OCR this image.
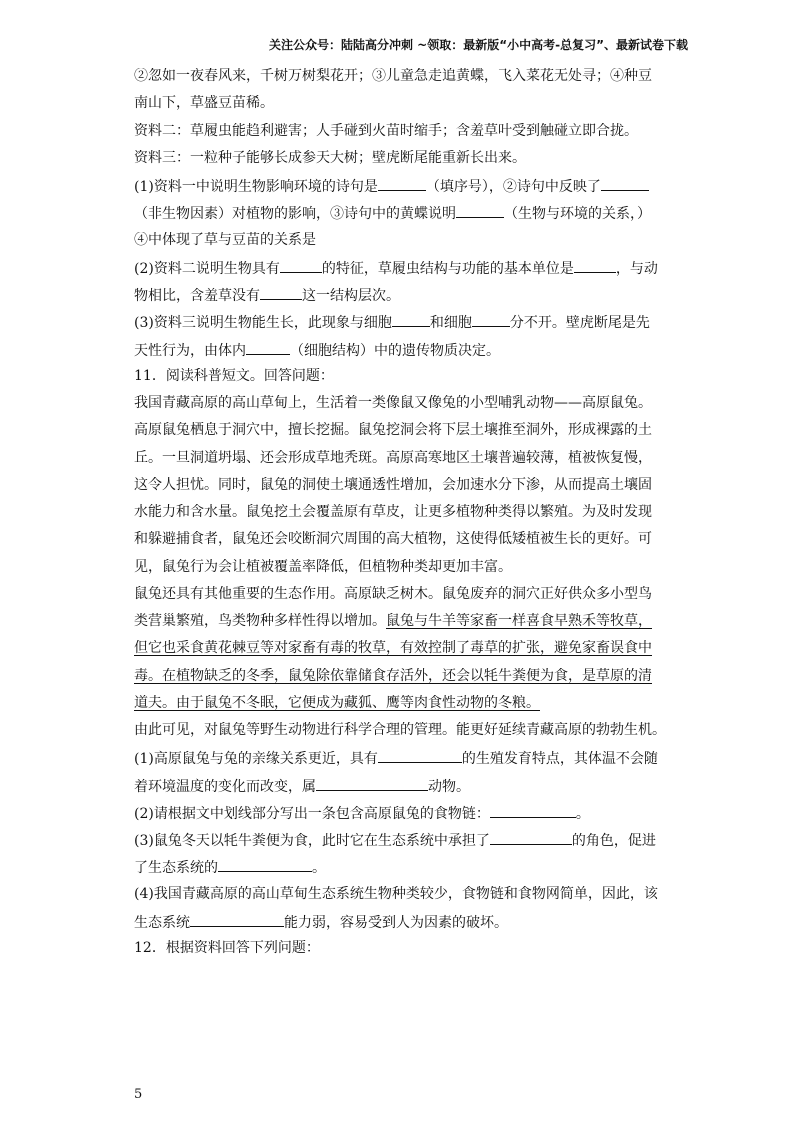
关注公众号：陆陆高分冲刺 ~领取：最新版“小中高考-总复习”、最新试卷下载
②忽如一夜春风来，千树万树梨花开；③儿童急走追黄蝶，飞入菜花无处寻；④种豆
南山下，草盛豆苗稀。
资料二：草履虫能趋利避害；人手碰到火苗时缩手；含羞草叶受到触碰立即合拢。
资料三：一粒种子能够长成参天大树；壁虎断尾能重新长出来。
(1)资料一中说明生物影响环境的诗句是	（填序号），②诗句中反映了
（非生物因素）对植物的影响，③诗句中的黄蝶说明	（生物与环境的关系，）
④中体现了草与豆苗的关系是
(2)资料二说明生物具有	的特征，草履虫结构与功能的基本单位是	，与动
物相比，含羞草没有	这一结构层次。
(3)资料三说明生物能生长，此现象与细胞	和细胞	分不开。壁虎断尾是先
天性行为，由体内	（细胞结构）中的遗传物质决定。
11．阅读科普短文。回答问题：
我国青藏高原的高山草甸上，生活着一类像鼠又像兔的小型哺乳动物——高原鼠兔。
高原鼠兔栖息于洞穴中，擅长挖掘。鼠兔挖洞会将下层土壤推至洞外，形成裸露的土
丘。一旦洞道坍塌、还会形成草地秃斑。高原高寒地区土壤普遍较薄，植被恢复慢，
这令人担忧。同时，鼠兔的洞使土壤通透性增加，会加速水分下渗，从而提高土壤固
水能力和含水量。鼠兔挖土会覆盖原有草皮，让更多植物种类得以繁殖。为及时发现
和躲避捕食者，鼠兔还会咬断洞穴周围的高大植物，这使得低矮植被生长的更好。可
见，鼠兔行为会让植被覆盖率降低，但植物种类却更加丰富。
鼠兔还具有其他重要的生态作用。高原缺乏树木。鼠兔废弃的洞穴正好供众多小型鸟
类营巢繁殖，鸟类物种多样性得以增加。鼠兔与牛羊等家畜一样喜食早熟禾等牧草，
但它也采食黄花棘豆等对家畜有毒的牧草，有效控制了毒草的扩张，避免家畜误食中
毒。在植物缺乏的冬季，鼠兔除依靠储食存活外，还会以牦牛粪便为食，是草原的清
道夫。由于鼠兔不冬眠，它便成为藏狐、鹰等肉食性动物的冬粮。
由此可见，对鼠兔等野生动物进行科学合理的管理。能更好延续青藏高原的勃勃生机。
(1)高原鼠兔与兔的亲缘关系更近，具有	的生殖发育特点，其体温不会随
着环境温度的变化而改变，属	动物。
(2)请根据文中划线部分写出一条包含高原鼠兔的食物链：	。
(3)鼠兔冬天以牦牛粪便为食，此时它在生态系统中承担了	的角色，促进
了生态系统的	。
(4)我国青藏高原的高山草甸生态系统生物种类较少，食物链和食物网简单，因此，该
生态系统	能力弱，容易受到人为因素的破坏。
12．根据资料回答下列问题：
5
